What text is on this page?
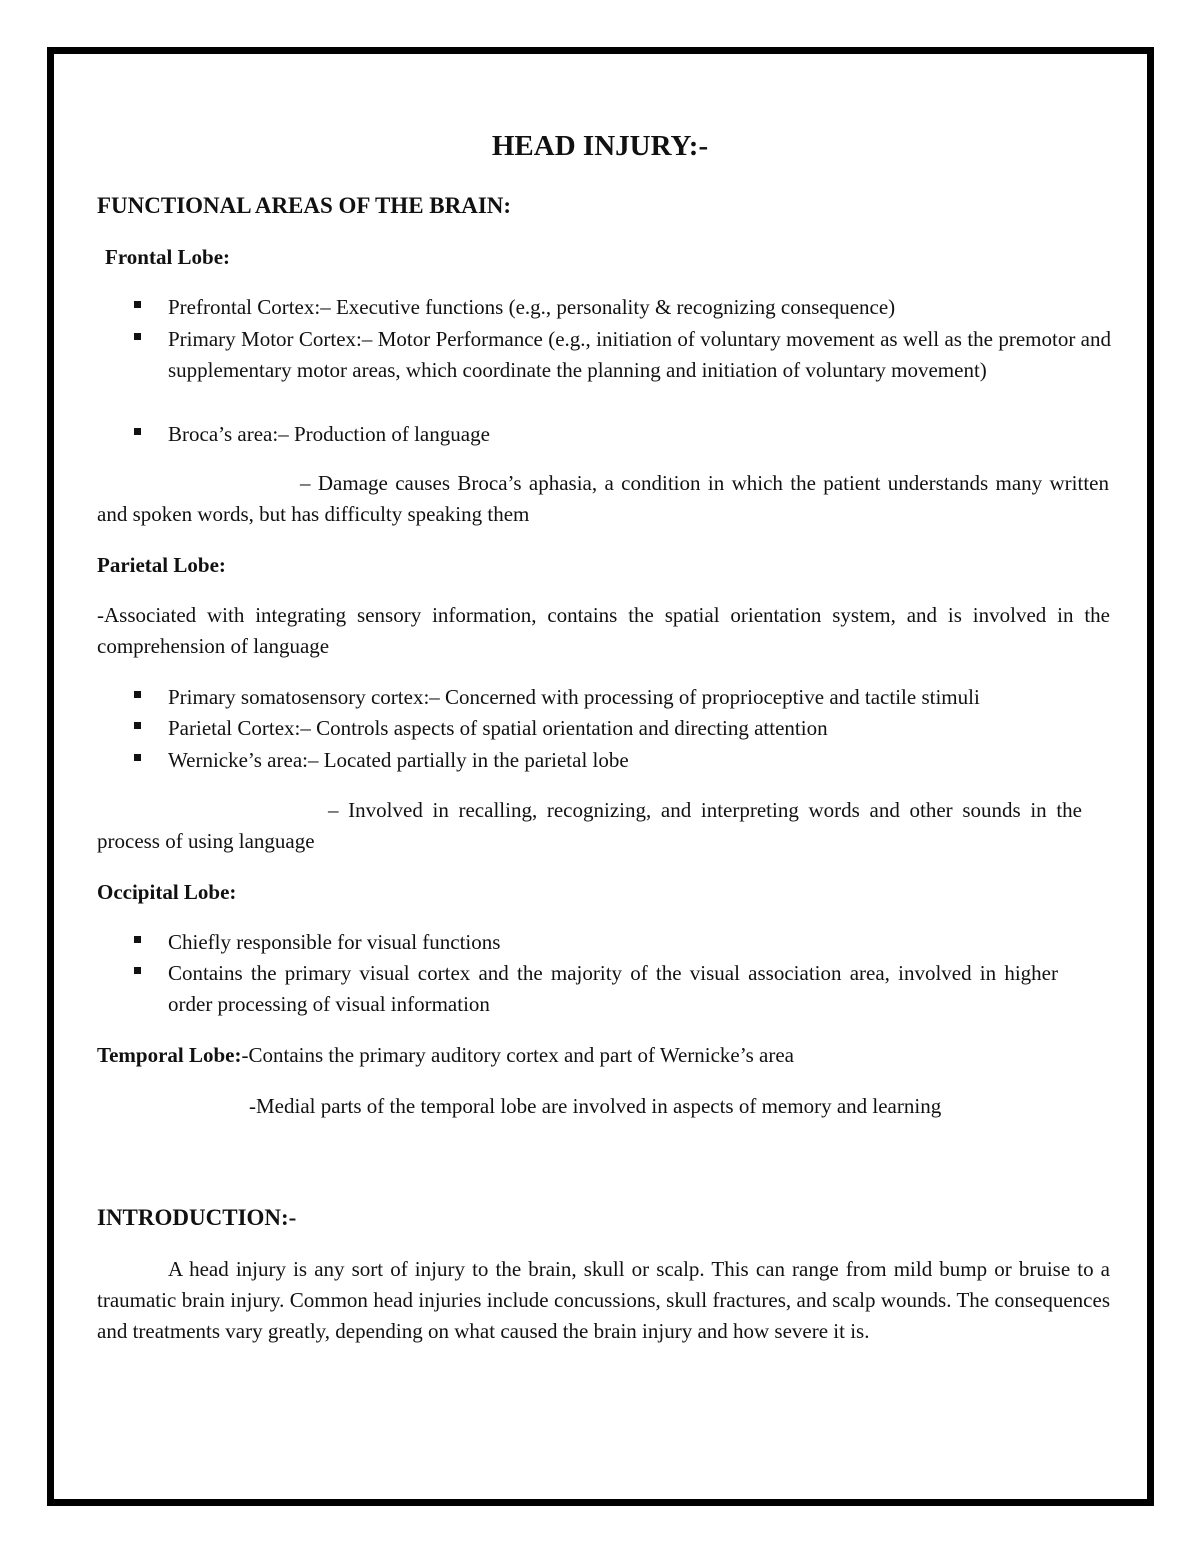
HEAD INJURY:-
FUNCTIONAL AREAS OF THE BRAIN:
Frontal Lobe:
Prefrontal Cortex:– Executive functions (e.g., personality & recognizing consequence)
Primary Motor Cortex:– Motor Performance (e.g., initiation of voluntary movement as well as the premotor and supplementary motor areas, which coordinate the planning and initiation of voluntary movement)
Broca’s area:– Production of language
– Damage causes Broca’s aphasia, a condition in which the patient understands many written and spoken words, but has difficulty speaking them
Parietal Lobe:
-Associated with integrating sensory information, contains the spatial orientation system, and is involved in the comprehension of language
Primary somatosensory cortex:– Concerned with processing of proprioceptive and tactile stimuli
Parietal Cortex:– Controls aspects of spatial orientation and directing attention
Wernicke’s area:– Located partially in the parietal lobe
– Involved in recalling, recognizing, and interpreting words and other sounds in the process of using language
Occipital Lobe:
Chiefly responsible for visual functions
Contains the primary visual cortex and the majority of the visual association area, involved in higher order processing of visual information
Temporal Lobe:-Contains the primary auditory cortex and part of Wernicke’s area
-Medial parts of the temporal lobe are involved in aspects of memory and learning
INTRODUCTION:-
A head injury is any sort of injury to the brain, skull or scalp. This can range from mild bump or bruise to a traumatic brain injury. Common head injuries include concussions, skull fractures, and scalp wounds. The consequences and treatments vary greatly, depending on what caused the brain injury and how severe it is.
